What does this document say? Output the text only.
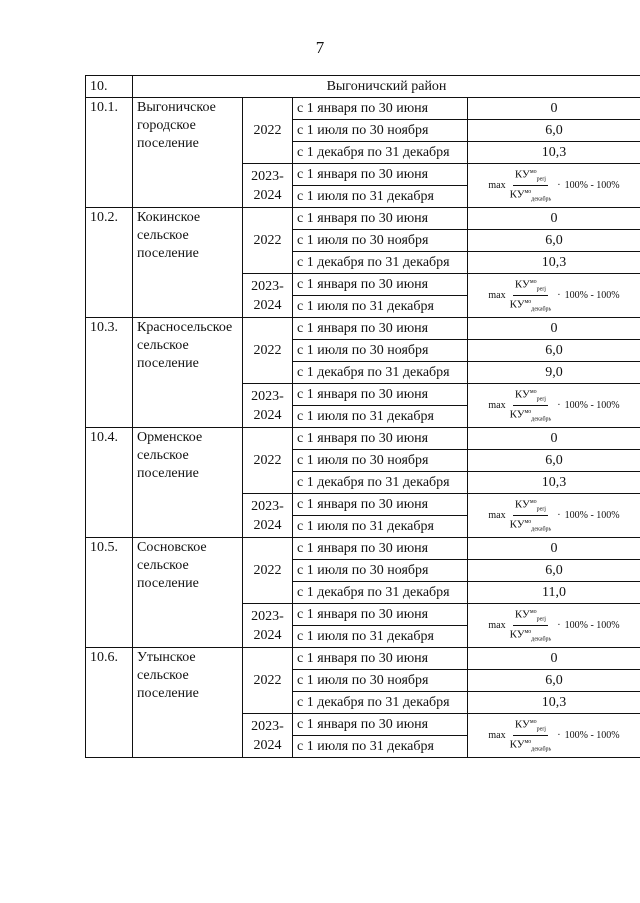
7
10.	Выгоничский район			
10.1.	Выгоничское городское поселение	2022	с 1 января по 30 июня	0
			с 1 июля по 30 ноября	6,0
			с 1 декабря по 31 декабря	10,3
		2023-2024	с 1 января по 30 июня	$\max \frac{КУ^{мо}_{perj}}{КУ^{мо}_{декабрь}} \cdot 100\% - 100\%$

			с 1 июля по 31 декабря	
10.2.	Кокинское сельское поселение	2022	с 1 января по 30 июня	0
			с 1 июля по 30 ноября	6,0
			с 1 декабря по 31 декабря	10,3
		2023-2024	с 1 января по 30 июня	$\max \frac{КУ^{мо}_{perj}}{КУ^{мо}_{декабрь}} \cdot 100\% - 100\%$

			с 1 июля по 31 декабря	
10.3.	Красносельское сельское поселение	2022	с 1 января по 30 июня	0
			с 1 июля по 30 ноября	6,0
			с 1 декабря по 31 декабря	9,0
		2023-2024	с 1 января по 30 июня	$\max \frac{КУ^{мо}_{perj}}{КУ^{мо}_{декабрь}} \cdot 100\% - 100\%$

			с 1 июля по 31 декабря	
10.4.	Орменское сельское поселение	2022	с 1 января по 30 июня	0
			с 1 июля по 30 ноября	6,0
			с 1 декабря по 31 декабря	10,3
		2023-2024	с 1 января по 30 июня	$\max \frac{КУ^{мо}_{perj}}{КУ^{мо}_{декабрь}} \cdot 100\% - 100\%$

			с 1 июля по 31 декабря	
10.5.	Сосновское сельское поселение	2022	с 1 января по 30 июня	0
			с 1 июля по 30 ноября	6,0
			с 1 декабря по 31 декабря	11,0
		2023-2024	с 1 января по 30 июня	$\max \frac{КУ^{мо}_{perj}}{КУ^{мо}_{декабрь}} \cdot 100\% - 100\%$

			с 1 июля по 31 декабря	
10.6.	Утынское сельское поселение	2022	с 1 января по 30 июня	0
			с 1 июля по 30 ноября	6,0
			с 1 декабря по 31 декабря	10,3
		2023-2024	с 1 января по 30 июня	$\max \frac{КУ^{мо}_{perj}}{КУ^{мо}_{декабрь}} \cdot 100\% - 100\%$

			с 1 июля по 31 декабря	
